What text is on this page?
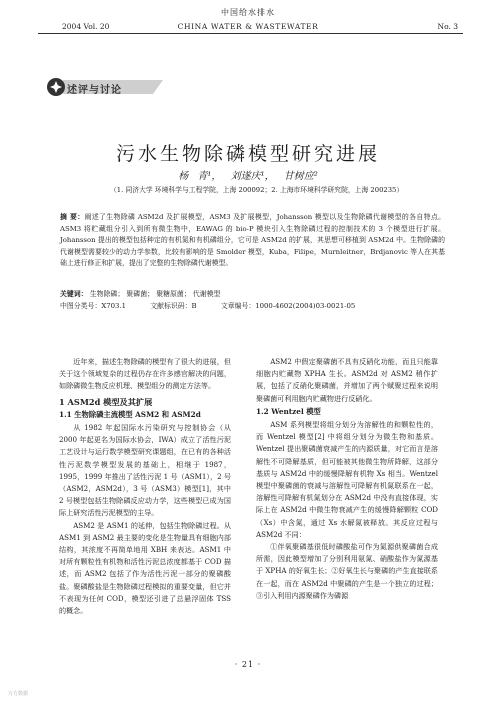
中国给水排水
2004 Vol. 20	CHINA WATER & WASTEWATER	No. 3
述评与讨论
污水生物除磷模型研究进展
杨 青¹， 刘遂庆¹， 甘树应²
（1. 同济大学 环境科学与工程学院，上海 200092；2. 上海市环境科学研究院，上海 200235）
摘 要：阐述了生物除磷 ASM2d 及扩展模型，ASM3 及扩展模型，Johansson 模型以及生物除磷代谢模型的各自特点。ASM3 将贮藏组分引入到所有微生物中，EAWAG 的 bio-P 模块引入生物除磷过程的控制技术的 3 个模型进行扩展。Johansson 提出的模型包括种定的有机氮和有机磷组分，它可是 ASM2d 的扩展，其思想可移植到 ASM2d 中。生物除磷的代谢模型需要较少的动力学参数，比较有影响的是 Smolder 模型，Kuba，Filipe，Murnleitner，Brdjanovic 等人在其基础上进行修正和扩展，提出了完整的生物除磷代谢模型。
关键词： 生物除磷； 聚磷菌； 聚糖原菌； 代谢模型
中图分类号：X703.1	文献标识码：B	文章编号：1000-4602(2004)03-0021-05

近年来，描述生物除磷的模型有了很大的进展，但关于这个领域复杂的过程仍存在许多感官解决的问题，如除磷微生物反应机理、模型组分的测定方法等。

1 ASM2d 模型及其扩展
1.1 生物除磷主流模型 ASM2 和 ASM2d

从 1982 年起国际水污染研究与控制协会（从 2000 年起更名为国际水协会，IWA）成立了活性污泥工艺设计与运行数学模型研究课题组，在已有的各种活性污泥数学模型发展的基础上，相继于 1987，1995，1999 年推出了活性污泥 1 号（ASM1），2 号（ASM2，ASM2d），3 号（ASM3）模型[1]，其中 2 号模型包括生物除磷反应动力学，这些模型已成为国际上研究活性污泥模型的主导。

ASM2 是 ASM1 的延伸，包括生物除磷过程。从 ASM1 到 ASM2 最主要的变化是生物量具有细胞内部结构，其浓度不再简单地用 XBH 来表达。ASM1 中对所有颗粒性有机物和活性污泥总浓度都基于 COD 描述，而 ASM2 包括了作为活性污泥一部分的聚磷酸盐。聚磷酸盐是生物除磷过程模拟的重要变量，但它并不表现为任何 COD，模型还引进了总悬浮固体 TSS 的概念。

ASM2 中假定聚磷菌不具有反硝化功能，而且只能靠细胞内贮藏物 XPHA 生长。ASM2d 对 ASM2 稍作扩展，包括了反硝化聚磷菌，并增加了两个赋聚过程来说明聚磷菌可利用胞内贮藏物进行反硝化。

1.2 Wentzel 模型

ASM 系列模型将组分划分为溶解性的和颗粒性的，而 Wentzel 模型[2] 中将组分划分为微生物和基质。Wentzel 提出聚磷菌衰减产生的内源质量，对它而言是溶解性不可降解基质，但可能被其他微生物所降解，这部分基质与 ASM2d 中的缓慢降解有机物 Xs 相当。Wentzel 模型中聚磷菌的衰减与溶解性可降解有机氮联系在一起，溶解性可降解有机氮划分在 ASM2d 中没有直接体现，实际上在 ASM2d 中微生物衰减产生的缓慢降解颗粒 COD（Xs）中含氮，通过 Xs 水解氮被释放。其反应过程与 ASM2d 不同：

①伴氧聚磷基很低时磷酸盐可作为氮源供聚磷菌合成所需，因此模型增加了分别利用氨氮、硝酸盐作为氮源基于 XPHA 的好氧生长；②好氧生长与聚磷的产生直接联系在一起，而在 ASM2d 中聚磷的产生是一个独立的过程；③引入利用内源聚磷作为磷源

· 21 ·
万方数据
